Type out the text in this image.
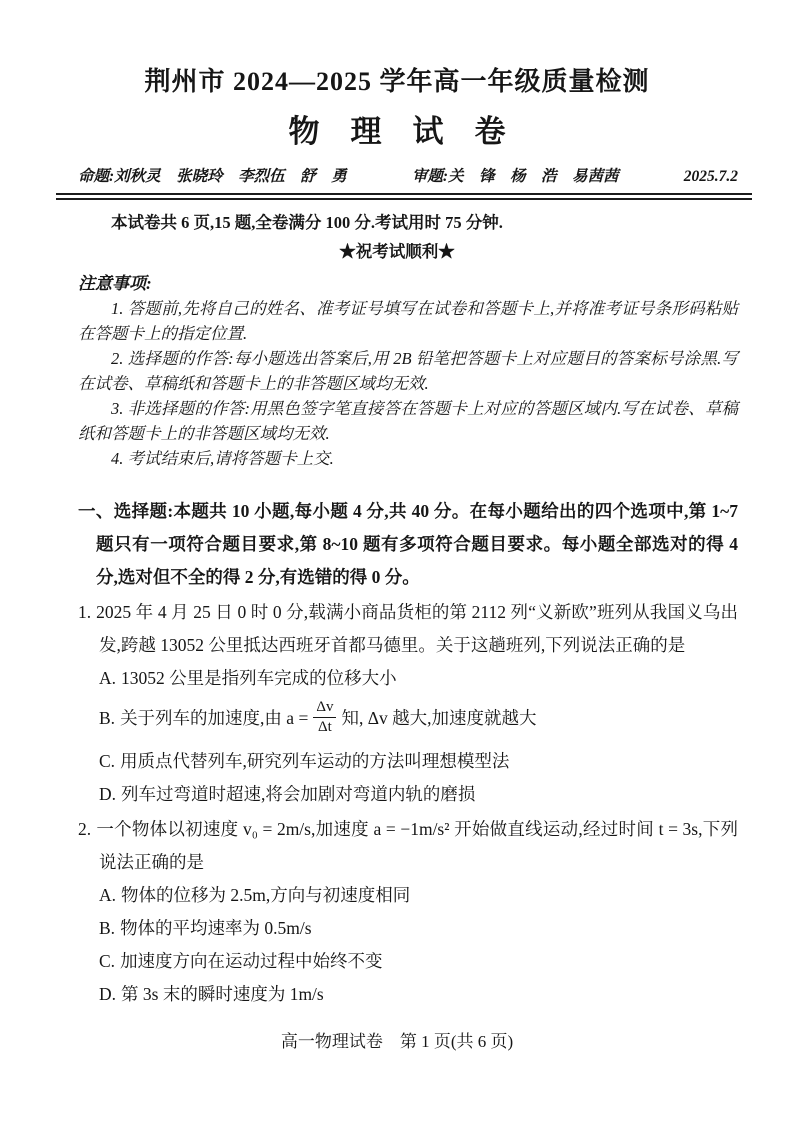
荆州市 2024—2025 学年高一年级质量检测
物　理　试　卷
命题:刘秋灵　张晓玲　李烈伍　舒　勇	审题:关　锋　杨　浩　易茜茜	2025.7.2
本试卷共 6 页,15 题,全卷满分 100 分.考试用时 75 分钟.
★祝考试顺利★
注意事项:
1. 答题前,先将自己的姓名、准考证号填写在试卷和答题卡上,并将准考证号条形码粘贴在答题卡上的指定位置.
2. 选择题的作答:每小题选出答案后,用 2B 铅笔把答题卡上对应题目的答案标号涂黑.写在试卷、草稿纸和答题卡上的非答题区域均无效.
3. 非选择题的作答:用黑色签字笔直接答在答题卡上对应的答题区域内.写在试卷、草稿纸和答题卡上的非答题区域均无效.
4. 考试结束后,请将答题卡上交.
一、选择题:本题共 10 小题,每小题 4 分,共 40 分。在每小题给出的四个选项中,第 1~7 题只有一项符合题目要求,第 8~10 题有多项符合题目要求。每小题全部选对的得 4 分,选对但不全的得 2 分,有选错的得 0 分。
1. 2025 年 4 月 25 日 0 时 0 分,载满小商品货柜的第 2112 列“义新欧”班列从我国义乌出发,跨越 13052 公里抵达西班牙首都马德里。关于这趟班列,下列说法正确的是
A. 13052 公里是指列车完成的位移大小
B. 关于列车的加速度,由 $a = \frac{\Delta v}{\Delta t}$ 知, Δv 越大,加速度就越大
C. 用质点代替列车,研究列车运动的方法叫理想模型法
D. 列车过弯道时超速,将会加剧对弯道内轨的磨损
2. 一个物体以初速度 v₀ = 2m/s,加速度 a = −1m/s² 开始做直线运动,经过时间 t = 3s,下列说法正确的是
A. 物体的位移为 2.5m,方向与初速度相同
B. 物体的平均速率为 0.5m/s
C. 加速度方向在运动过程中始终不变
D. 第 3s 末的瞬时速度为 1m/s
高一物理试卷　第 1 页(共 6 页)
